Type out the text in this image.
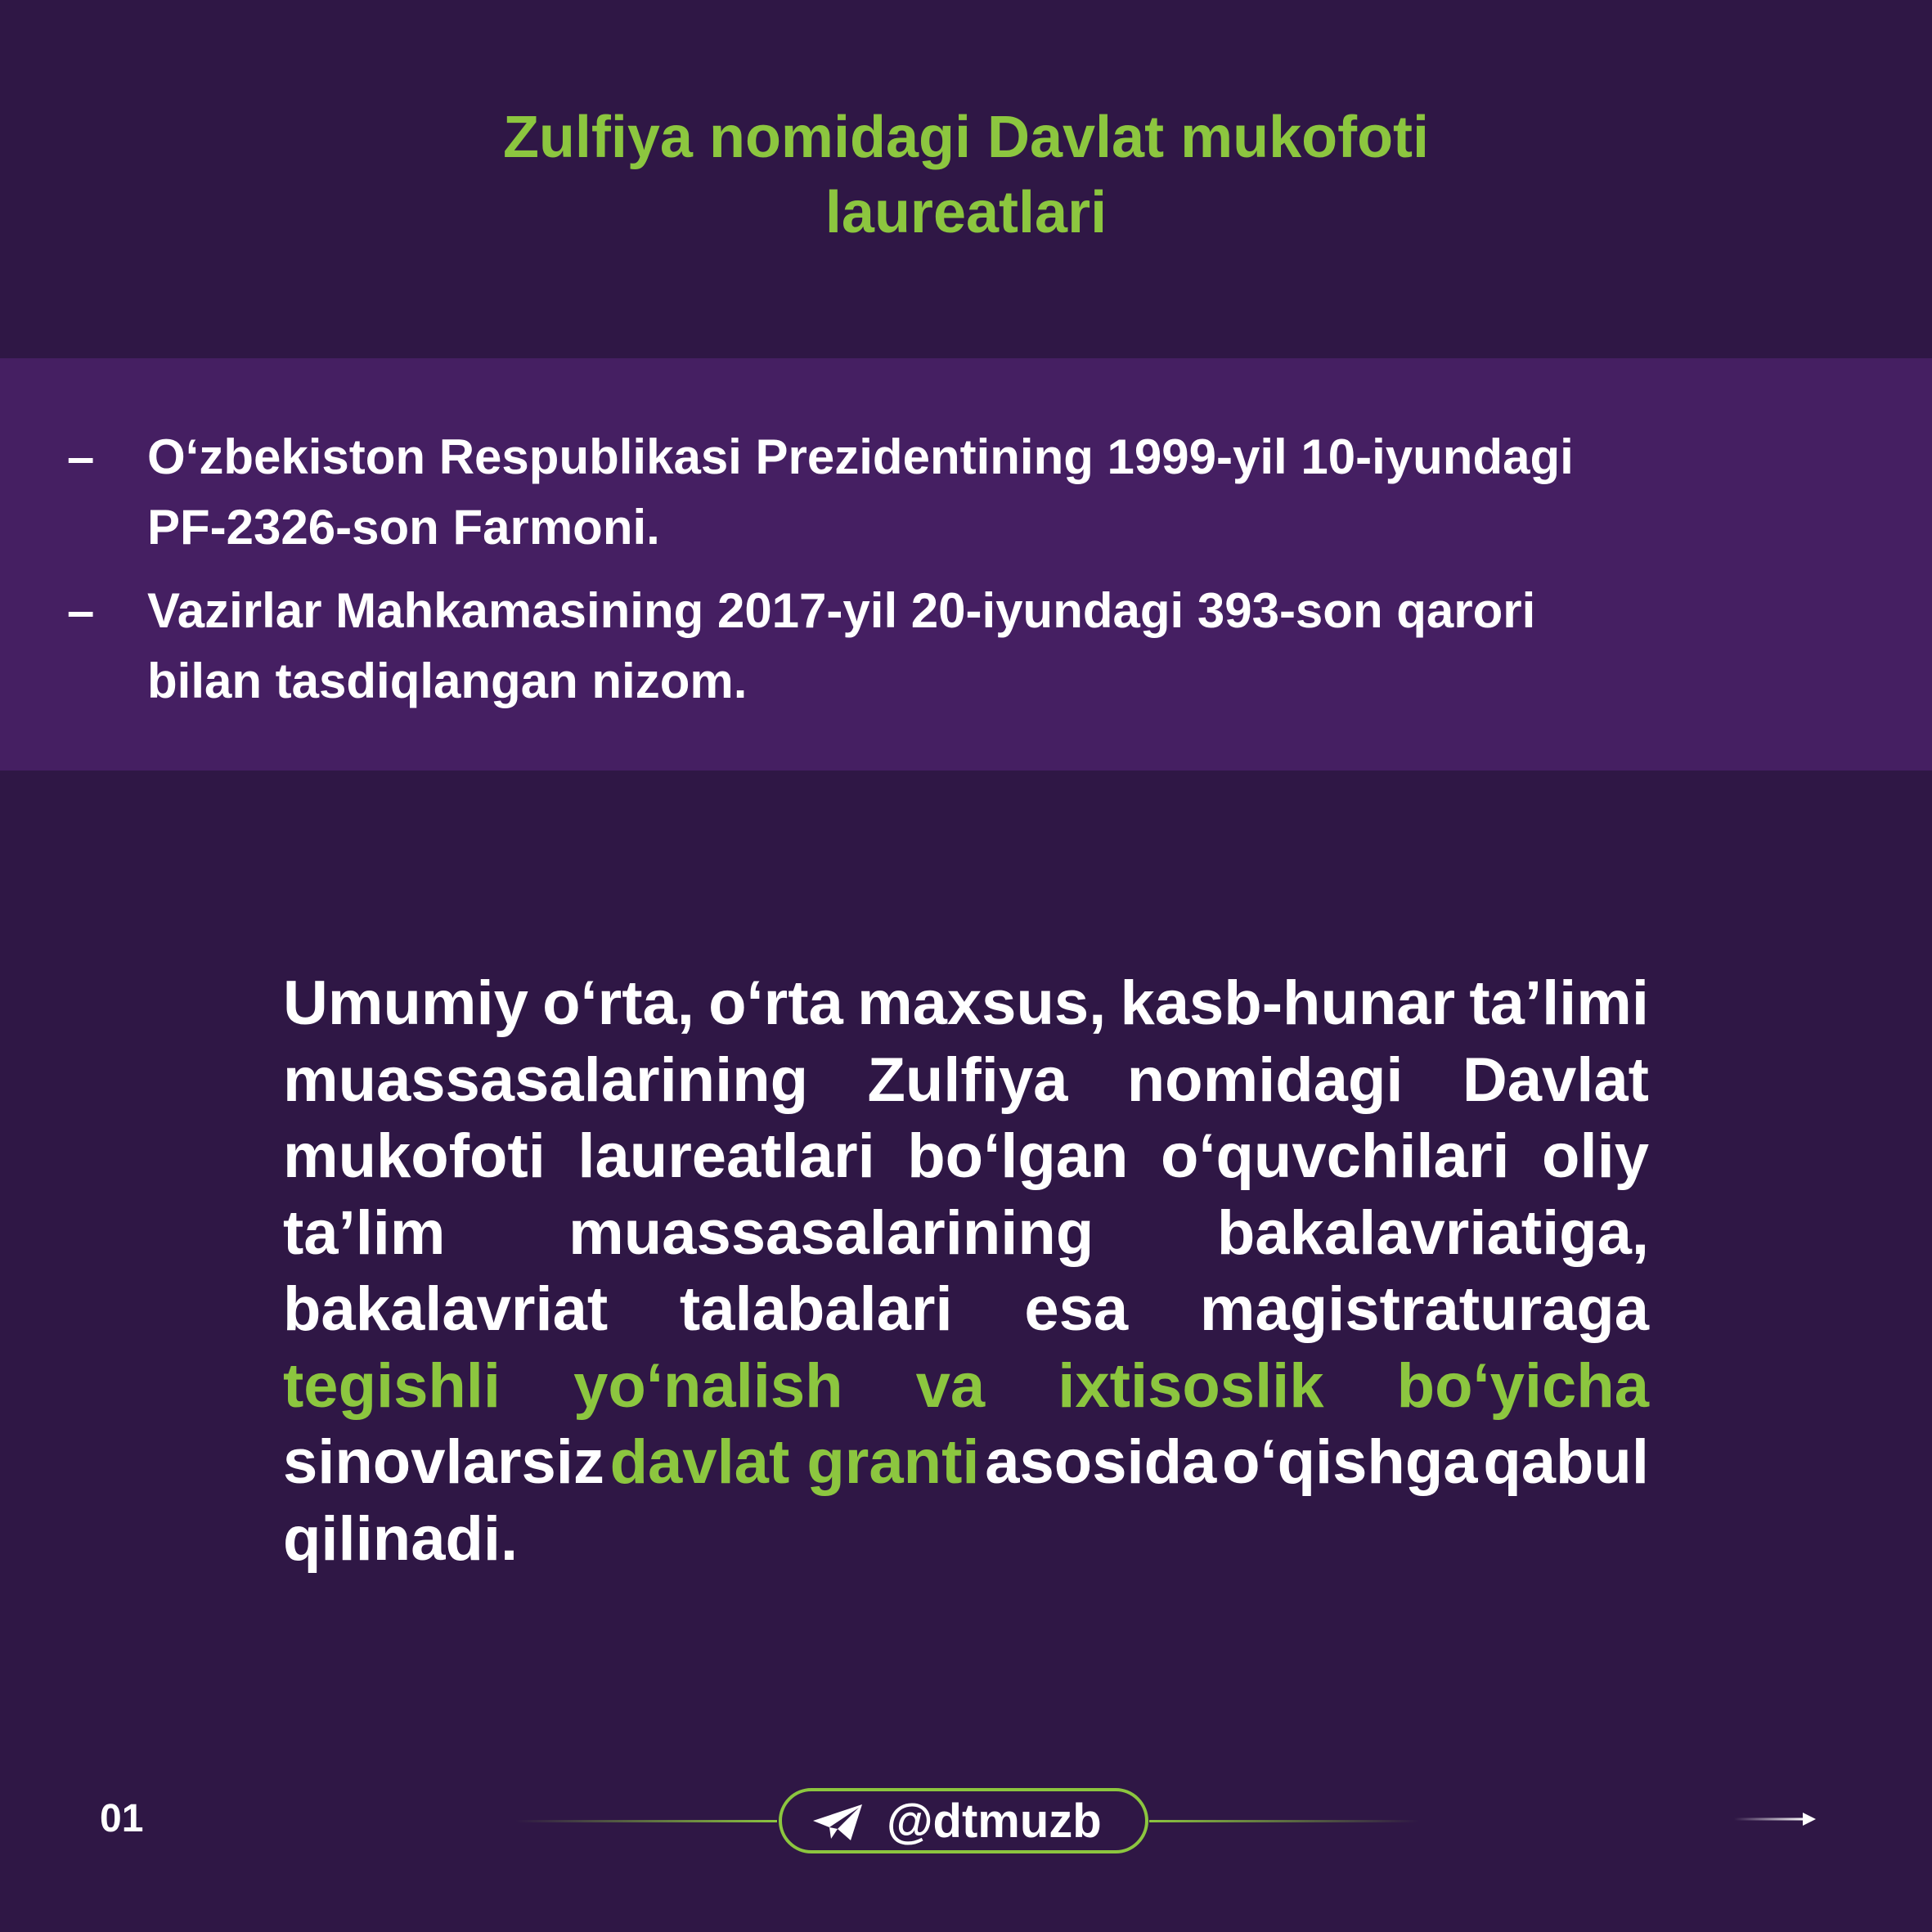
Zulfiya nomidagi Davlat mukofoti
laureatlari
– O‘zbekiston Respublikasi Prezidentining 1999-yil 10-iyundagi
PF-2326-son Farmoni.
– Vazirlar Mahkamasining 2017-yil 20-iyundagi 393-son qarori
bilan tasdiqlangan nizom.
Umumiy o‘rta, o‘rta maxsus, kasb-hunar ta’limi
muassasalarining Zulfiya nomidagi Davlat
mukofoti laureatlari bo‘lgan o‘quvchilari oliy
ta’lim muassasalarining bakalavriatiga,
bakalavriat talabalari esa magistraturaga
tegishli yo‘nalish va ixtisoslik bo‘yicha
sinovlarsiz davlat granti asosida o‘qishga qabul
qilinadi.
01	@dtmuzb
